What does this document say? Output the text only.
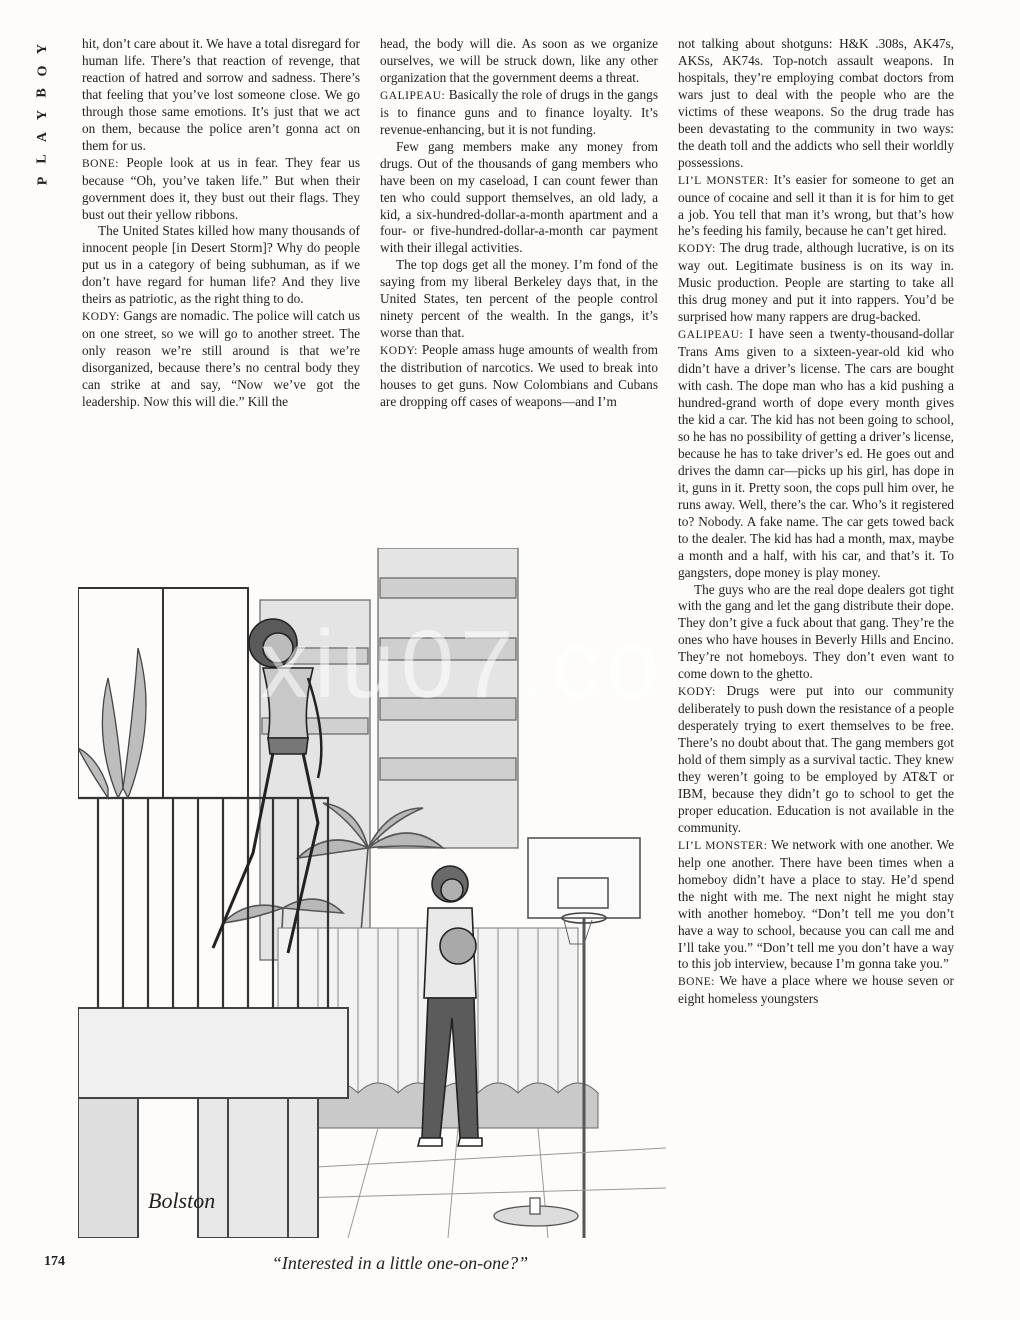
Y
O
B
Y
A
L
P

hit, don’t care about it. We have a total disregard for human life. There’s that reaction of revenge, that reaction of hatred and sorrow and sadness. There’s that feeling that you’ve lost someone close. We go through those same emotions. It’s just that we act on them, because the police aren’t gonna act on them for us.

BONE: People look at us in fear. They fear us because “Oh, you’ve taken life.” But when their government does it, they bust out their flags. They bust out their yellow ribbons.

The United States killed how many thousands of innocent people [in Desert Storm]? Why do people put us in a category of being subhuman, as if we don’t have regard for human life? And they live theirs as patriotic, as the right thing to do.

KODY: Gangs are nomadic. The police will catch us on one street, so we will go to another street. The only reason we’re still around is that we’re disorganized, because there’s no central body they can strike at and say, “Now we’ve got the leadership. Now this will die.” Kill the

head, the body will die. As soon as we organize ourselves, we will be struck down, like any other organization that the government deems a threat.

GALIPEAU: Basically the role of drugs in the gangs is to finance guns and to finance loyalty. It’s revenue-enhancing, but it is not funding.

Few gang members make any money from drugs. Out of the thousands of gang members who have been on my caseload, I can count fewer than ten who could support themselves, an old lady, a kid, a six-hundred-dollar-a-month apartment and a four- or five-hundred-dollar-a-month car payment with their illegal activities.

The top dogs get all the money. I’m fond of the saying from my liberal Berkeley days that, in the United States, ten percent of the people control ninety percent of the wealth. In the gangs, it’s worse than that.

KODY: People amass huge amounts of wealth from the distribution of narcotics. We used to break into houses to get guns. Now Colombians and Cubans are dropping off cases of weapons—and I’m

not talking about shotguns: H&K .308s, AK47s, AKSs, AK74s. Top-notch assault weapons. In hospitals, they’re employing combat doctors from wars just to deal with the people who are the victims of these weapons. So the drug trade has been devastating to the community in two ways: the death toll and the addicts who sell their worldly possessions.

LI’L MONSTER: It’s easier for someone to get an ounce of cocaine and sell it than it is for him to get a job. You tell that man it’s wrong, but that’s how he’s feeding his family, because he can’t get hired.

KODY: The drug trade, although lucrative, is on its way out. Legitimate business is on its way in. Music production. People are starting to take all this drug money and put it into rappers. You’d be surprised how many rappers are drug-backed.

GALIPEAU: I have seen a twenty-thousand-dollar Trans Ams given to a sixteen-year-old kid who didn’t have a driver’s license. The cars are bought with cash. The dope man who has a kid pushing a hundred-grand worth of dope every month gives the kid a car. The kid has not been going to school, so he has no possibility of getting a driver’s license, because he has to take driver’s ed. He goes out and drives the damn car—picks up his girl, has dope in it, guns in it. Pretty soon, the cops pull him over, he runs away. Well, there’s the car. Who’s it registered to? Nobody. A fake name. The car gets towed back to the dealer. The kid has had a month, max, maybe a month and a half, with his car, and that’s it. To gangsters, dope money is play money.

The guys who are the real dope dealers got tight with the gang and let the gang distribute their dope. They don’t give a fuck about that gang. They’re the ones who have houses in Beverly Hills and Encino. They’re not homeboys. They don’t even want to come down to the ghetto.

KODY: Drugs were put into our community deliberately to push down the resistance of a people desperately trying to exert themselves to be free. There’s no doubt about that. The gang members got hold of them simply as a survival tactic. They knew they weren’t going to be employed by AT&T or IBM, because they didn’t go to school to get the proper education. Education is not available in the community.

LI’L MONSTER: We network with one another. We help one another. There have been times when a homeboy didn’t have a place to stay. He’d spend the night with me. The next night he might stay with another homeboy. “Don’t tell me you don’t have a way to school, because you can call me and I’ll take you.” “Don’t tell me you don’t have a way to this job interview, because I’m gonna take you.”

BONE: We have a place where we house seven or eight homeless youngsters

Bolston
xiu07.co
174	“Interested in a little one-on-one?”
